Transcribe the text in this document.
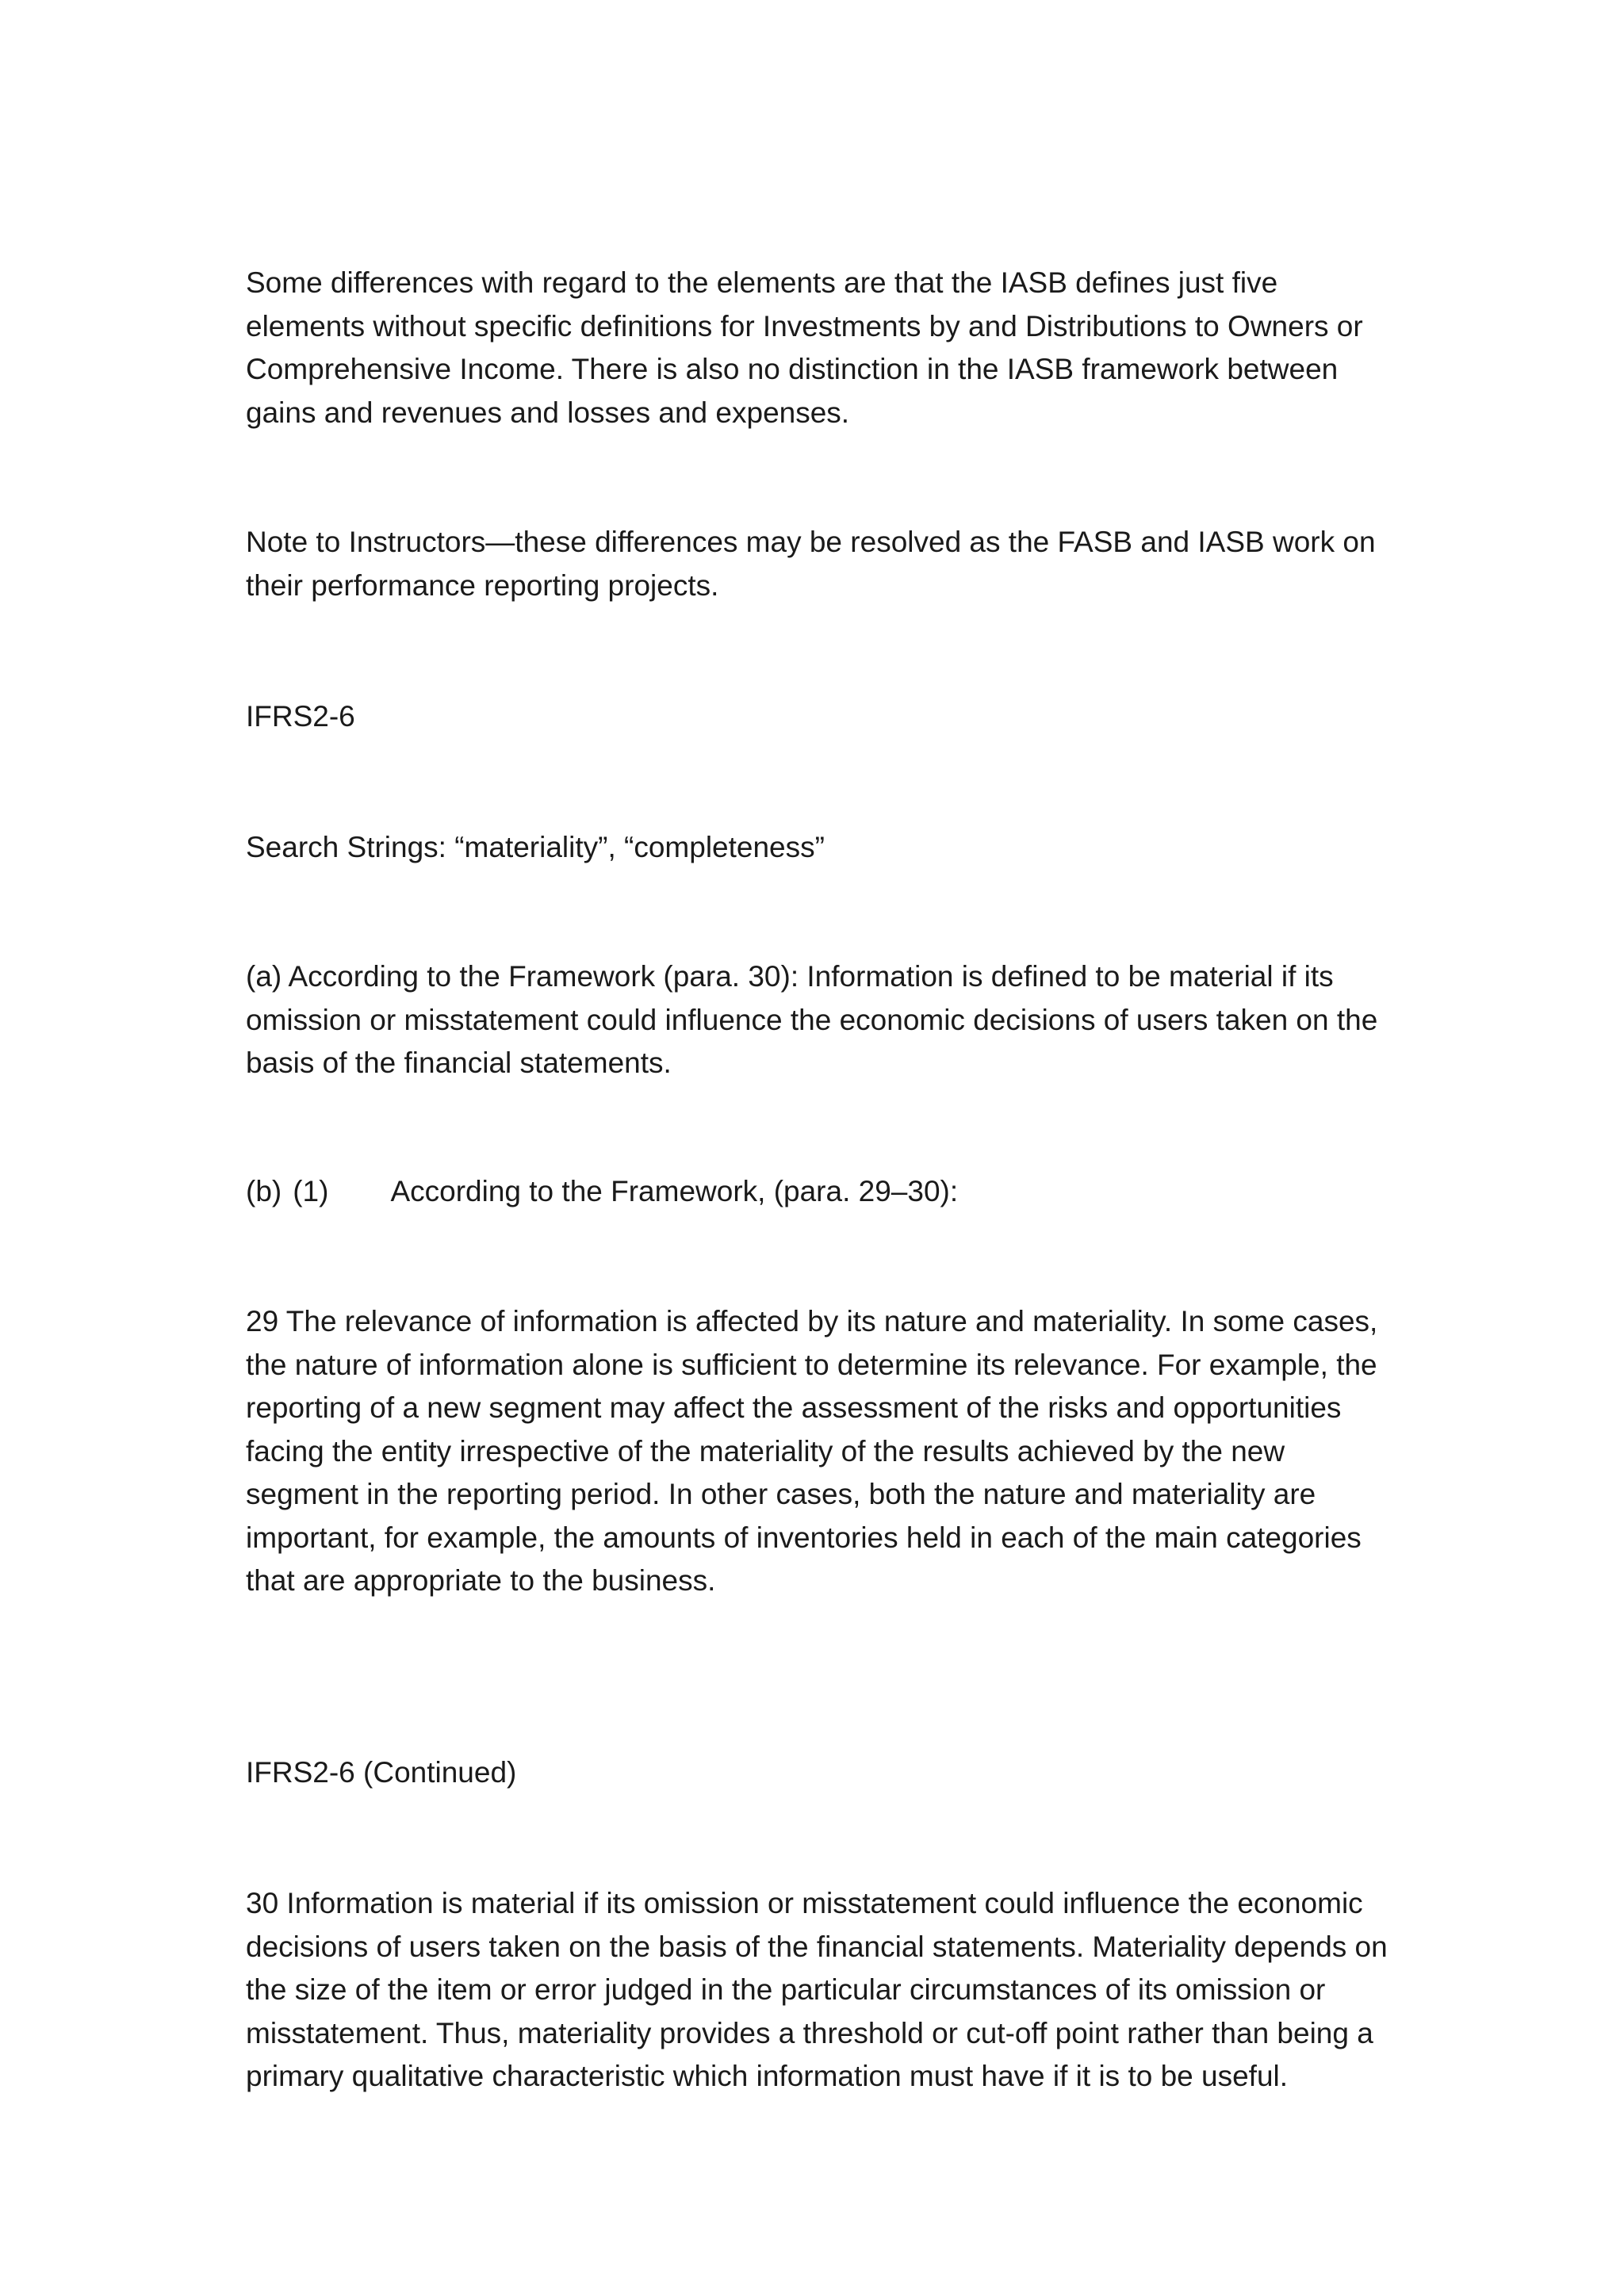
Some differences with regard to the elements are that the IASB defines just five
elements without specific definitions for Investments by and Distributions to Owners or
Comprehensive Income. There is also no distinction in the IASB framework between
gains and revenues and losses and expenses.

Note to Instructors—these differences may be resolved as the FASB and IASB work on
their performance reporting projects.

IFRS2-6

Search Strings: “materiality”, “completeness”

(a) According to the Framework (para. 30): Information is defined to be material if its
omission or misstatement could influence the economic decisions of users taken on the
basis of the financial statements.

(b) (1) According to the Framework, (para. 29–30):

29 The relevance of information is affected by its nature and materiality. In some cases,
the nature of information alone is sufficient to determine its relevance. For example, the
reporting of a new segment may affect the assessment of the risks and opportunities
facing the entity irrespective of the materiality of the results achieved by the new
segment in the reporting period. In other cases, both the nature and materiality are
important, for example, the amounts of inventories held in each of the main categories
that are appropriate to the business.

IFRS2-6 (Continued)

30 Information is material if its omission or misstatement could influence the economic
decisions of users taken on the basis of the financial statements. Materiality depends on
the size of the item or error judged in the particular circumstances of its omission or
misstatement. Thus, materiality provides a threshold or cut-off point rather than being a
primary qualitative characteristic which information must have if it is to be useful.
